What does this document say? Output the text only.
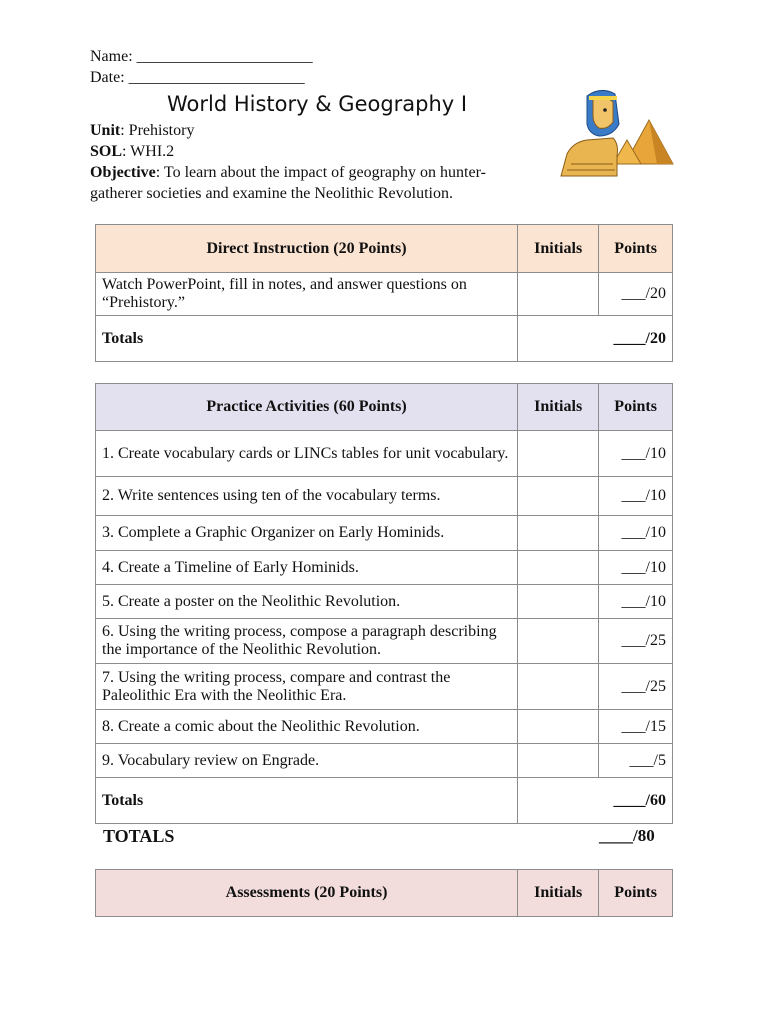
Name: ______________________
Date: ______________________
World History & Geography I
Unit: Prehistory
SOL: WHI.2
Objective: To learn about the impact of geography on hunter-gatherer societies and examine the Neolithic Revolution.
Direct Instruction (20 Points)	Initials	Points
Watch PowerPoint, fill in notes, and answer questions on “Prehistory.”		___/20
Totals	____/20	
Practice Activities (60 Points)	Initials	Points
1. Create vocabulary cards or LINCs tables for unit vocabulary.		___/10
2. Write sentences using ten of the vocabulary terms.		___/10
3. Complete a Graphic Organizer on Early Hominids.		___/10
4. Create a Timeline of Early Hominids.		___/10
5. Create a poster on the Neolithic Revolution.		___/10
6. Using the writing process, compose a paragraph describing the importance of the Neolithic Revolution.		___/25
7. Using the writing process, compare and contrast the Paleolithic Era with the Neolithic Era.		___/25
8. Create a comic about the Neolithic Revolution.		___/15
9. Vocabulary review on Engrade.		___/5
Totals	____/60	
TOTALS	____/80
Assessments (20 Points)	Initials	Points
